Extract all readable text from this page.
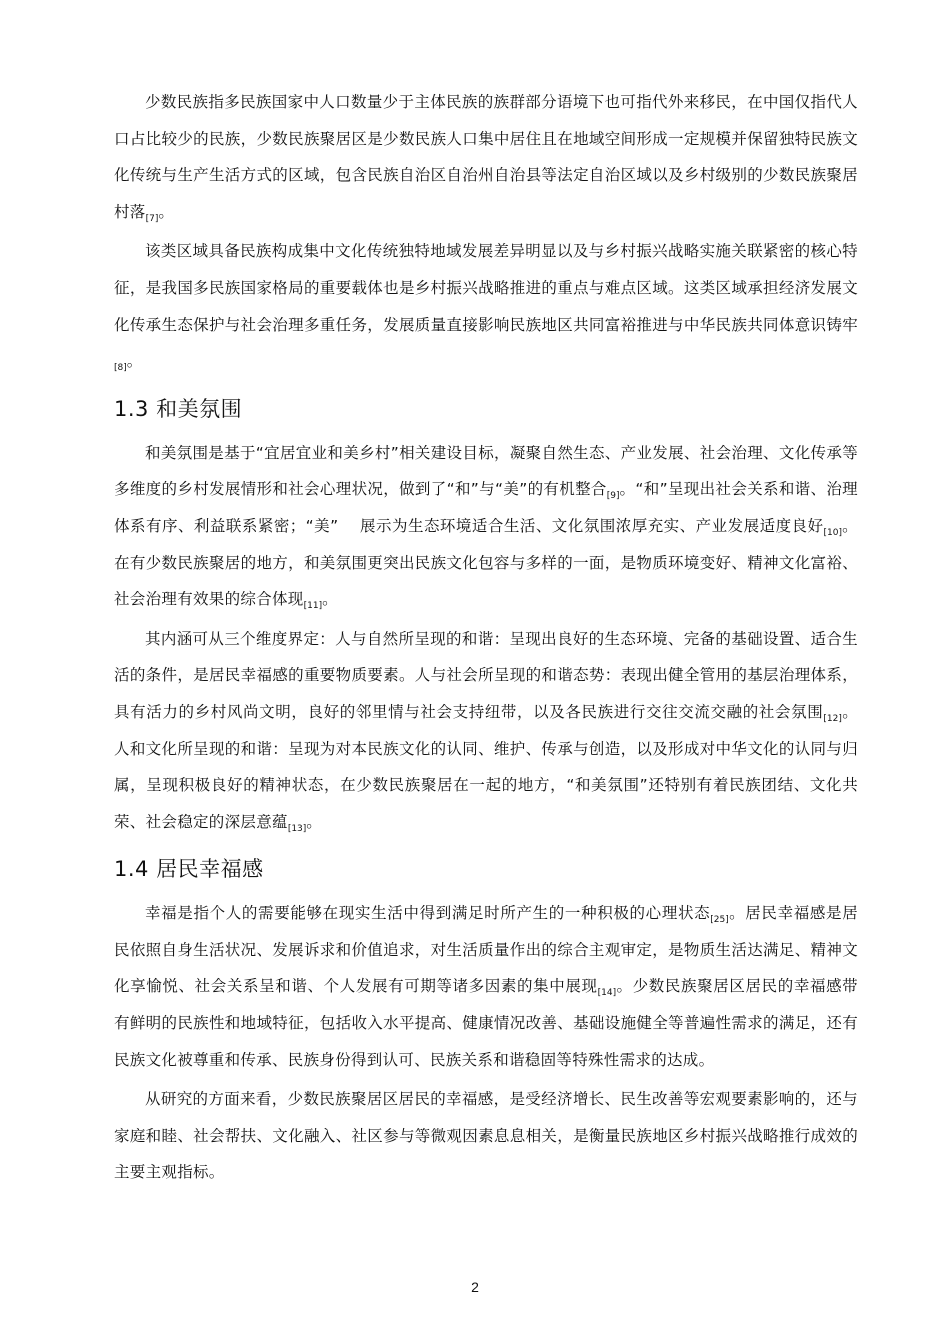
少数民族指多民族国家中人口数量少于主体民族的族群部分语境下也可指代外来移民，在中国仅指代人口占比较少的民族，少数民族聚居区是少数民族人口集中居住且在地域空间形成一定规模并保留独特民族文化传统与生产生活方式的区域，包含民族自治区自治州自治县等法定自治区域以及乡村级别的少数民族聚居村落[7]。

该类区域具备民族构成集中文化传统独特地域发展差异明显以及与乡村振兴战略实施关联紧密的核心特征，是我国多民族国家格局的重要载体也是乡村振兴战略推进的重点与难点区域。这类区域承担经济发展文化传承生态保护与社会治理多重任务，发展质量直接影响民族地区共同富裕推进与中华民族共同体意识铸牢[8]。

1.3 和美氛围

和美氛围是基于“宜居宜业和美乡村”相关建设目标，凝聚自然生态、产业发展、社会治理、文化传承等多维度的乡村发展情形和社会心理状况，做到了“和”与“美”的有机整合[9]。“和”呈现出社会关系和谐、治理体系有序、利益联系紧密；“美”　 展示为生态环境适合生活、文化氛围浓厚充实、产业发展适度良好[10]。在有少数民族聚居的地方，和美氛围更突出民族文化包容与多样的一面，是物质环境变好、精神文化富裕、社会治理有效果的综合体现[11]。

其内涵可从三个维度界定：人与自然所呈现的和谐：呈现出良好的生态环境、完备的基础设置、适合生活的条件，是居民幸福感的重要物质要素。人与社会所呈现的和谐态势：表现出健全管用的基层治理体系，具有活力的乡村风尚文明，良好的邻里情与社会支持纽带，以及各民族进行交往交流交融的社会氛围[12]。人和文化所呈现的和谐：呈现为对本民族文化的认同、维护、传承与创造，以及形成对中华文化的认同与归属，呈现积极良好的精神状态，在少数民族聚居在一起的地方，“和美氛围”还特别有着民族团结、文化共荣、社会稳定的深层意蕴[13]。

1.4 居民幸福感

幸福是指个人的需要能够在现实生活中得到满足时所产生的一种积极的心理状态[25]。居民幸福感是居民依照自身生活状况、发展诉求和价值追求，对生活质量作出的综合主观审定，是物质生活达满足、精神文化享愉悦、社会关系呈和谐、个人发展有可期等诸多因素的集中展现[14]。少数民族聚居区居民的幸福感带有鲜明的民族性和地域特征，包括收入水平提高、健康情况改善、基础设施健全等普遍性需求的满足，还有民族文化被尊重和传承、民族身份得到认可、民族关系和谐稳固等特殊性需求的达成。

从研究的方面来看，少数民族聚居区居民的幸福感，是受经济增长、民生改善等宏观要素影响的，还与家庭和睦、社会帮扶、文化融入、社区参与等微观因素息息相关，是衡量民族地区乡村振兴战略推行成效的主要主观指标。

2
